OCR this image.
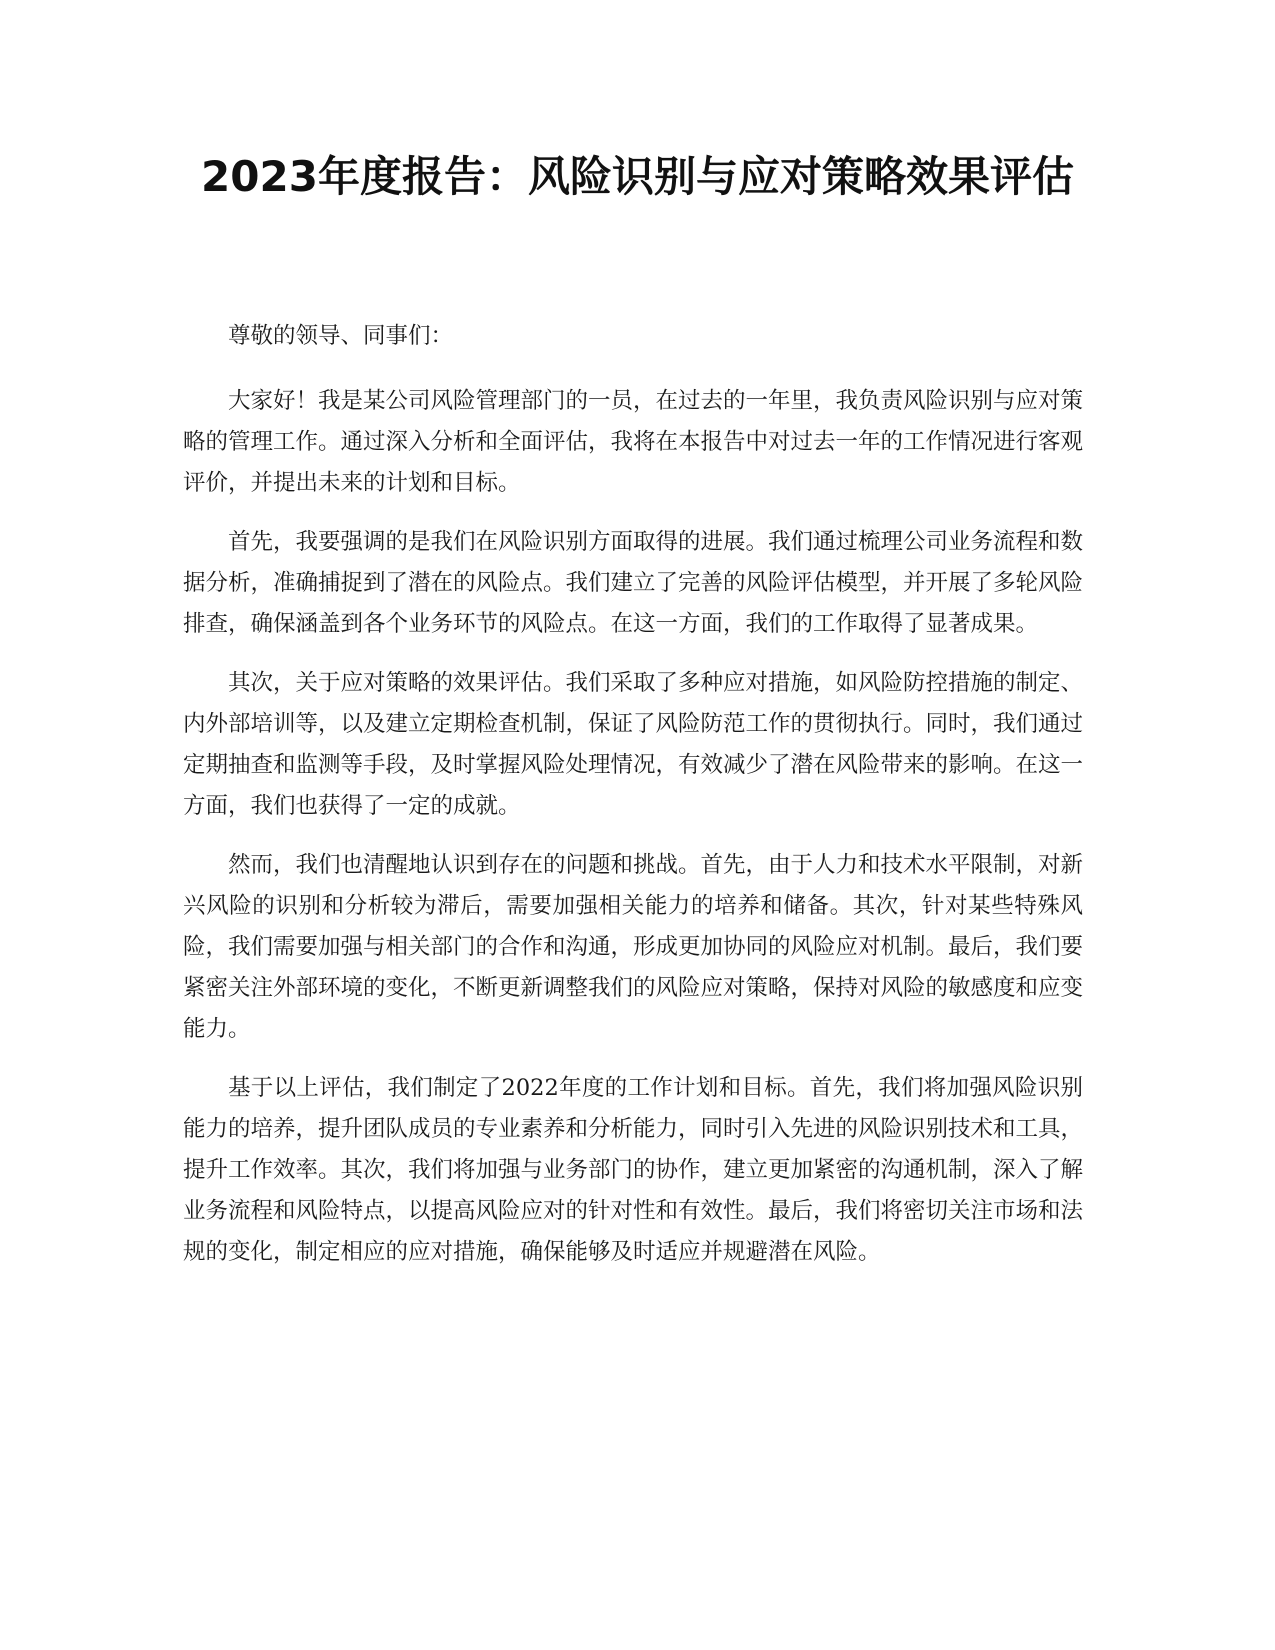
2023年度报告：风险识别与应对策略效果评估

尊敬的领导、同事们：

大家好！我是某公司风险管理部门的一员，在过去的一年里，我负责风险识别与应对策略的管理工作。通过深入分析和全面评估，我将在本报告中对过去一年的工作情况进行客观评价，并提出未来的计划和目标。

首先，我要强调的是我们在风险识别方面取得的进展。我们通过梳理公司业务流程和数据分析，准确捕捉到了潜在的风险点。我们建立了完善的风险评估模型，并开展了多轮风险排查，确保涵盖到各个业务环节的风险点。在这一方面，我们的工作取得了显著成果。

其次，关于应对策略的效果评估。我们采取了多种应对措施，如风险防控措施的制定、内外部培训等，以及建立定期检查机制，保证了风险防范工作的贯彻执行。同时，我们通过定期抽查和监测等手段，及时掌握风险处理情况，有效减少了潜在风险带来的影响。在这一方面，我们也获得了一定的成就。

然而，我们也清醒地认识到存在的问题和挑战。首先，由于人力和技术水平限制，对新兴风险的识别和分析较为滞后，需要加强相关能力的培养和储备。其次，针对某些特殊风险，我们需要加强与相关部门的合作和沟通，形成更加协同的风险应对机制。最后，我们要紧密关注外部环境的变化，不断更新调整我们的风险应对策略，保持对风险的敏感度和应变能力。

基于以上评估，我们制定了2022年度的工作计划和目标。首先，我们将加强风险识别能力的培养，提升团队成员的专业素养和分析能力，同时引入先进的风险识别技术和工具，提升工作效率。其次，我们将加强与业务部门的协作，建立更加紧密的沟通机制，深入了解业务流程和风险特点，以提高风险应对的针对性和有效性。最后，我们将密切关注市场和法规的变化，制定相应的应对措施，确保能够及时适应并规避潜在风险。
